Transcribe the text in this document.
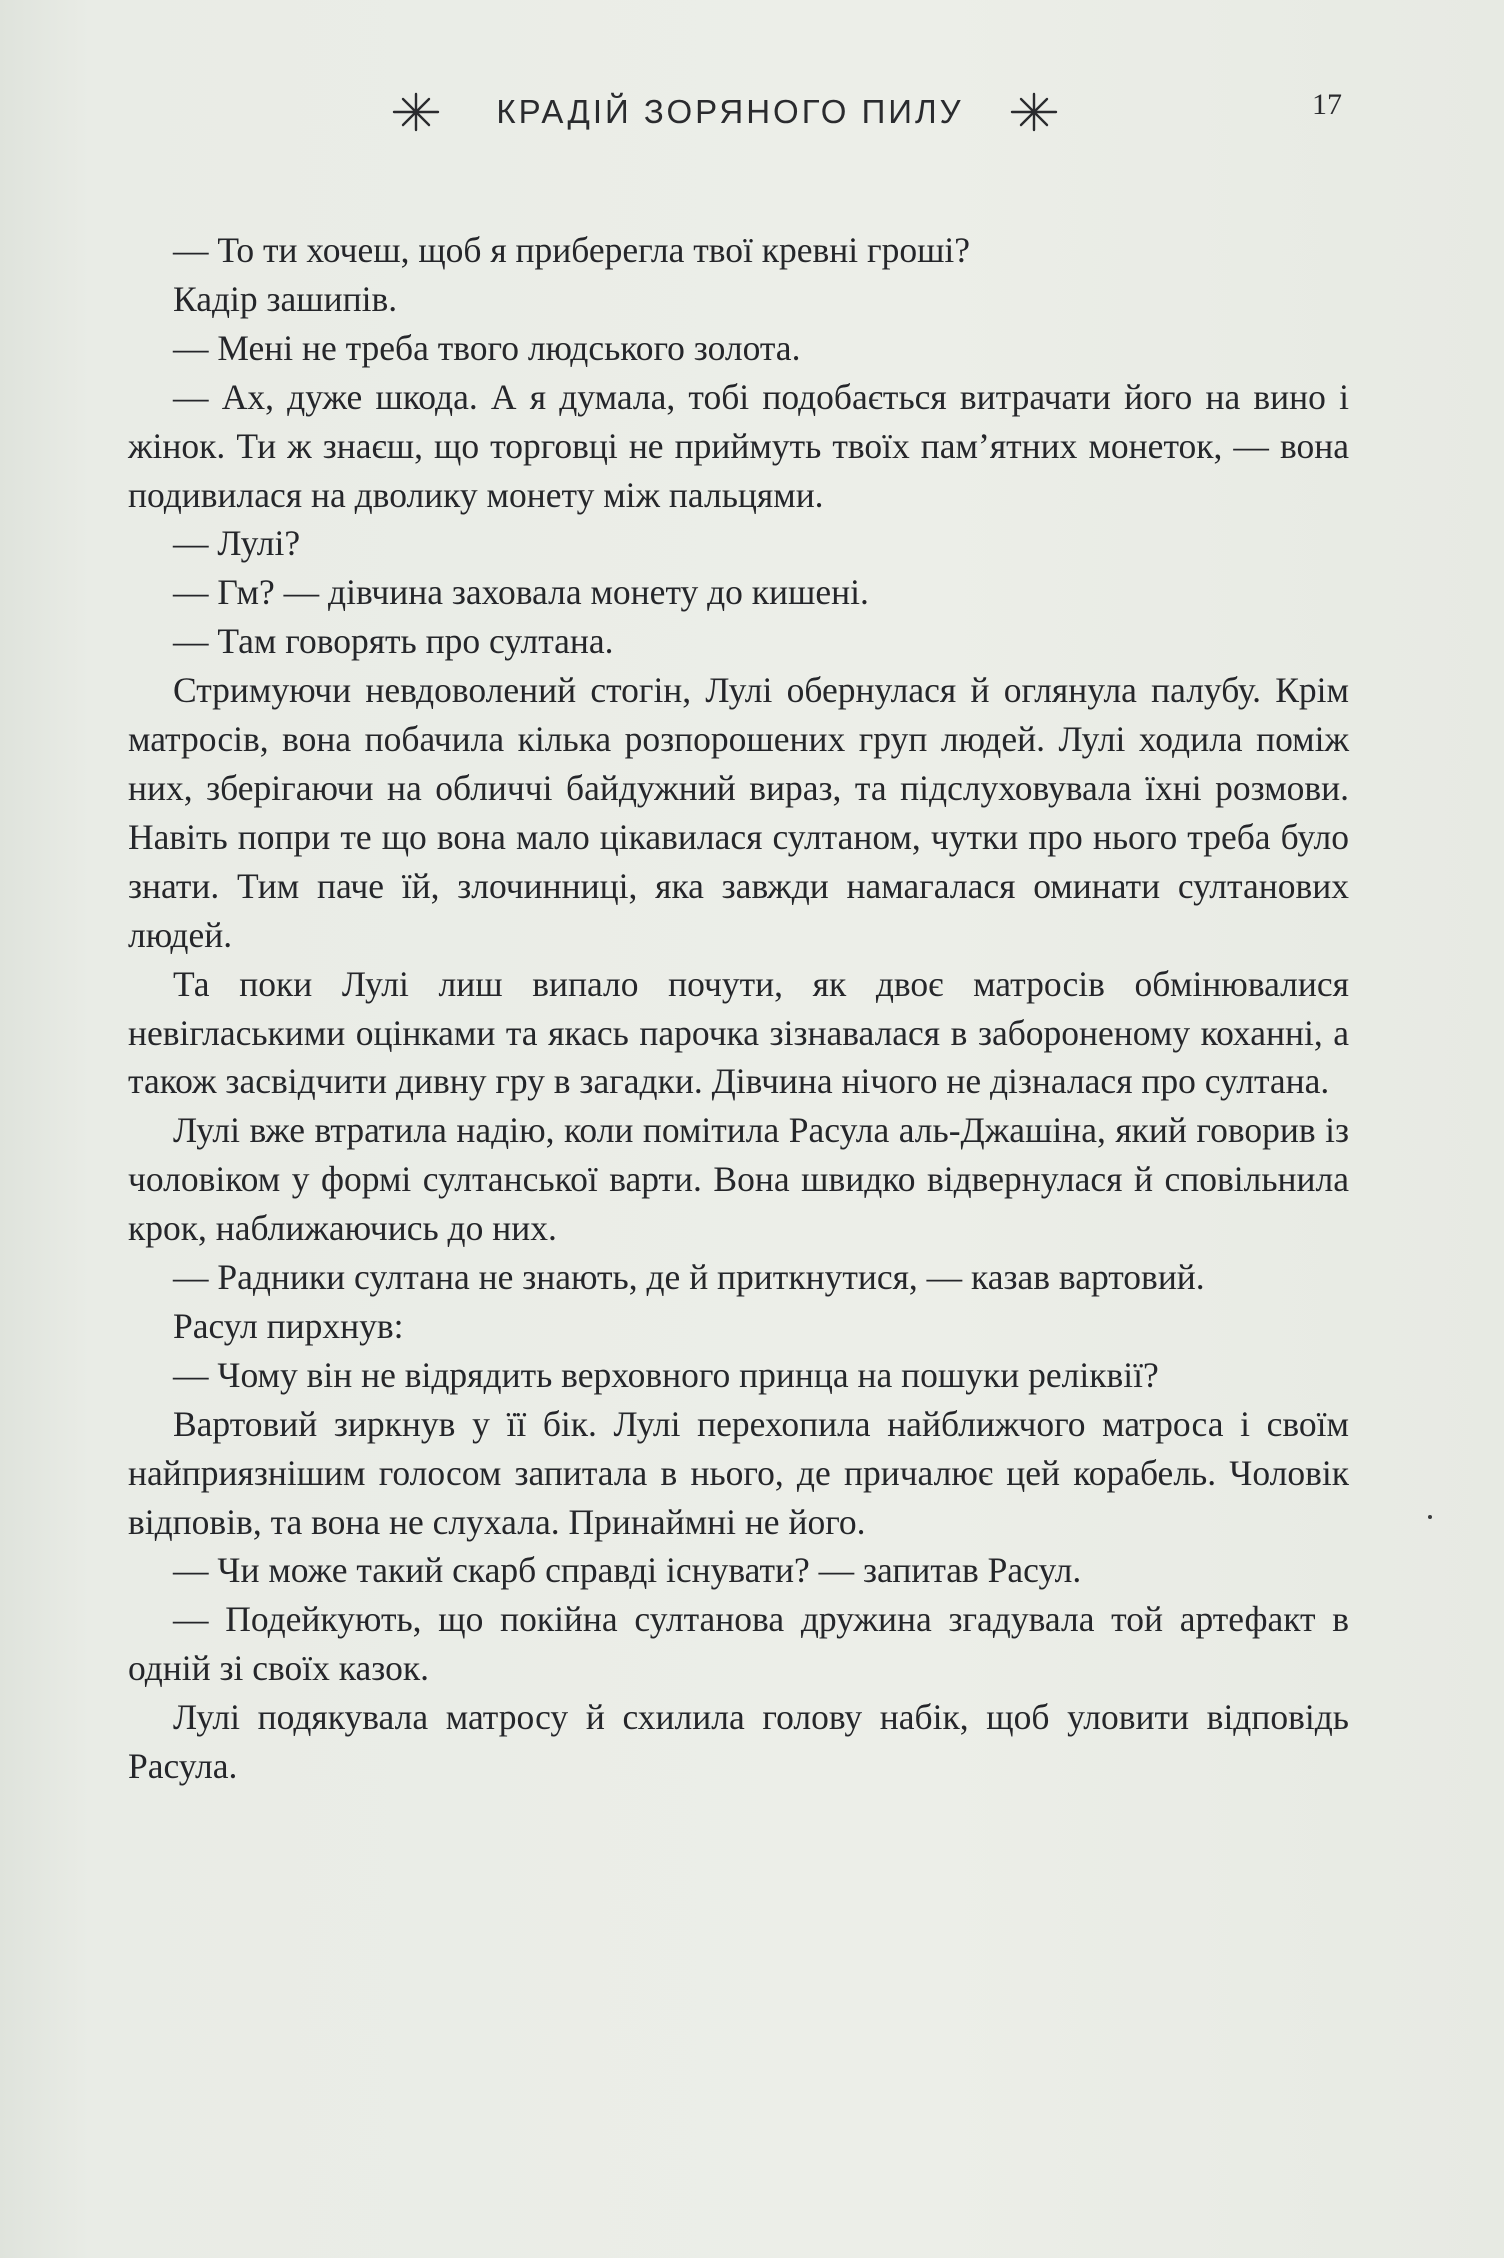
КРАДІЙ ЗОРЯНОГО ПИЛУ	17

— То ти хочеш, щоб я приберегла твої кревні гроші?

Кадір зашипів.

— Мені не треба твого людського золота.

— Ах, дуже шкода. А я думала, тобі подобається витрачати його на вино і жінок. Ти ж знаєш, що торговці не приймуть твоїх пам’ятних монеток, — вона подивилася на дволику монету між пальцями.

— Лулі?

— Гм? — дівчина заховала монету до кишені.

— Там говорять про султана.

Стримуючи невдоволений стогін, Лулі обернулася й оглянула палубу. Крім матросів, вона побачила кілька розпорошених груп людей. Лулі ходила поміж них, зберігаючи на обличчі байдужний вираз, та підслуховувала їхні розмови. Навіть попри те що вона мало цікавилася султаном, чутки про нього треба було знати. Тим паче їй, злочинниці, яка завжди намагалася оминати султанових людей.

Та поки Лулі лиш випало почути, як двоє матросів обмінювалися невігласькими оцінками та якась парочка зізнавалася в забороненому коханні, а також засвідчити дивну гру в загадки. Дівчина нічого не дізналася про султана.

Лулі вже втратила надію, коли помітила Расула аль-Джашіна, який говорив із чоловіком у формі султанської варти. Вона швидко відвернулася й сповільнила крок, наближаючись до них.

— Радники султана не знають, де й приткнутися, — казав вартовий.

Расул пирхнув:

— Чому він не відрядить верховного принца на пошуки реліквії?

Вартовий зиркнув у її бік. Лулі перехопила найближчого матроса і своїм найприязнішим голосом запитала в нього, де причалює цей корабель. Чоловік відповів, та вона не слухала. Принаймні не його.

— Чи може такий скарб справді існувати? — запитав Расул.

— Подейкують, що покійна султанова дружина згадувала той артефакт в одній зі своїх казок.

Лулі подякувала матросу й схилила голову набік, щоб уловити відповідь Расула.
